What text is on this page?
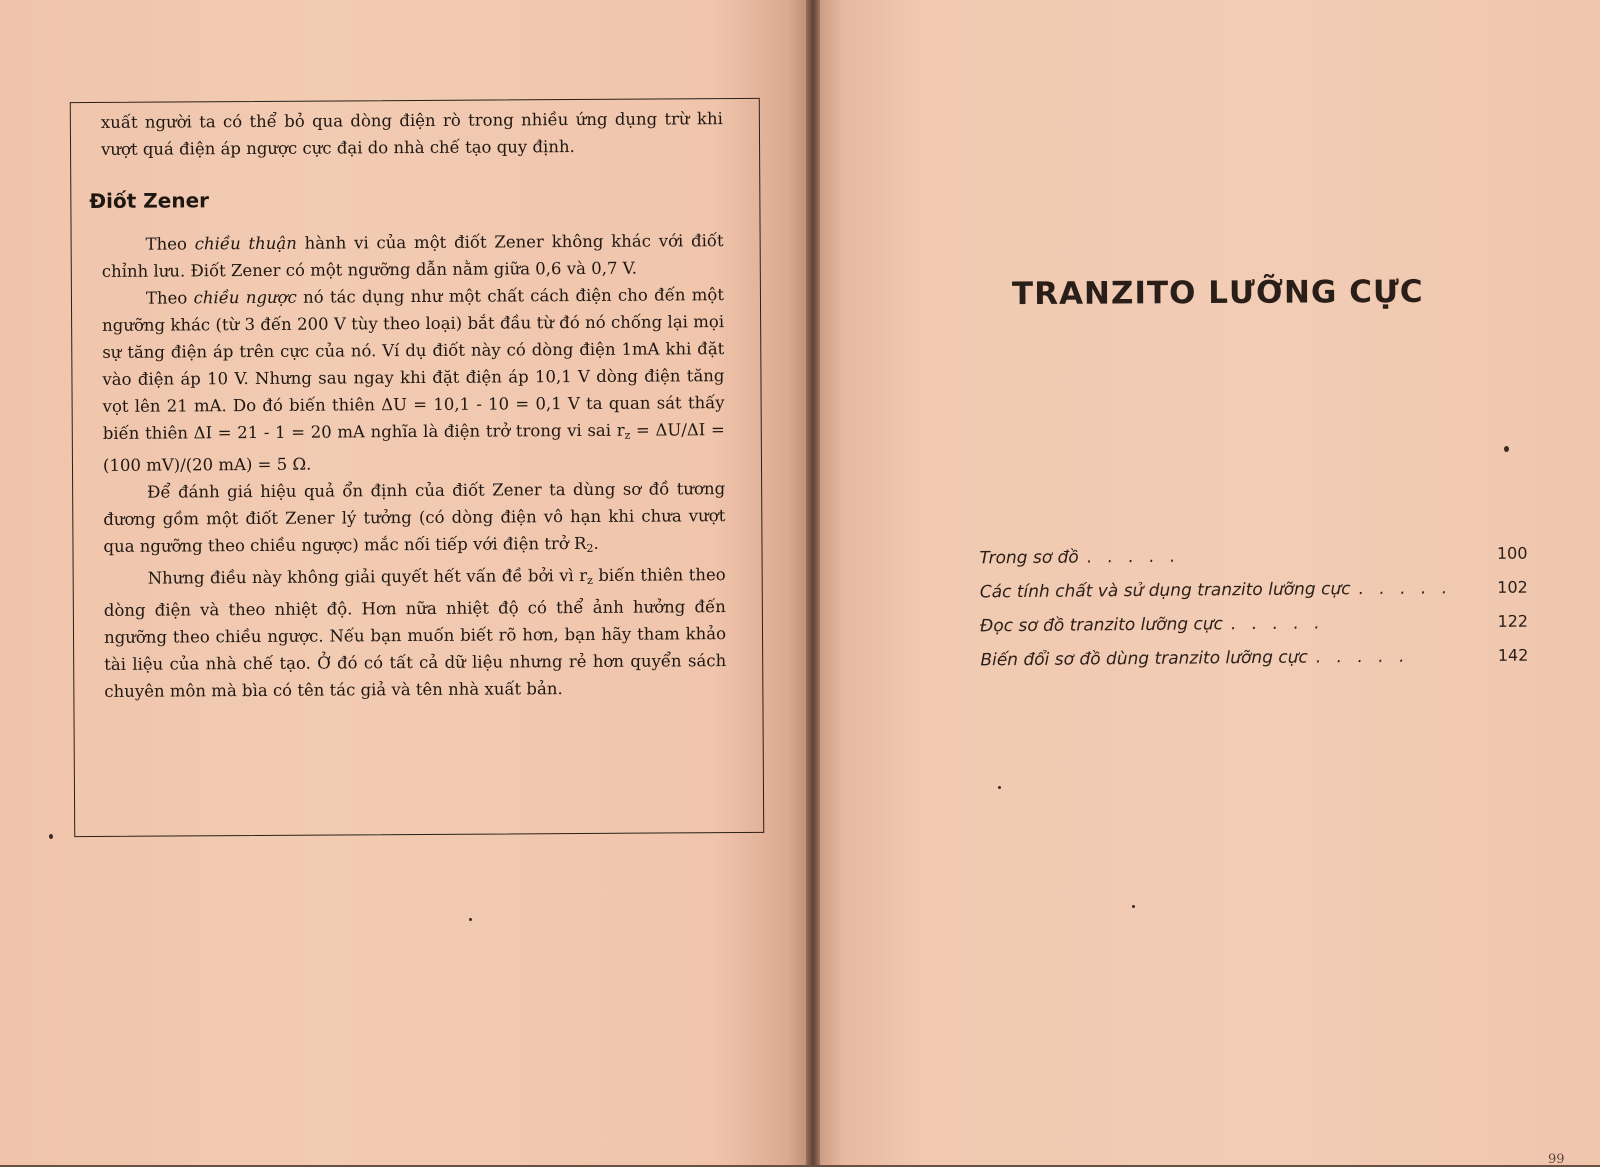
xuất người ta có thể bỏ qua dòng điện rò trong nhiều ứng dụng trừ khi vượt quá điện áp ngược cực đại do nhà chế tạo quy định.

Điốt Zener

Theo chiều thuận hành vi của một điốt Zener không khác với điốt chỉnh lưu. Điốt Zener có một ngưỡng dẫn nằm giữa 0,6 và 0,7 V.

Theo chiều ngược nó tác dụng như một chất cách điện cho đến một ngưỡng khác (từ 3 đến 200 V tùy theo loại) bắt đầu từ đó nó chống lại mọi sự tăng điện áp trên cực của nó. Ví dụ điốt này có dòng điện 1mA khi đặt vào điện áp 10 V. Nhưng sau ngay khi đặt điện áp 10,1 V dòng điện tăng vọt lên 21 mA. Do đó biến thiên ΔU = 10,1 - 10 = 0,1 V ta quan sát thấy biến thiên ΔI = 21 - 1 = 20 mA nghĩa là điện trở trong vi sai $r_z = \Delta U/\Delta I = (100$ mV)/(20 mA) = 5 Ω.

Để đánh giá hiệu quả ổn định của điốt Zener ta dùng sơ đồ tương đương gồm một điốt Zener lý tưởng (có dòng điện vô hạn khi chưa vượt qua ngưỡng theo chiều ngược) mắc nối tiếp với điện trở $R_2$.

Nhưng điều này không giải quyết hết vấn đề bởi vì $r_z$ biến thiên theo dòng điện và theo nhiệt độ. Hơn nữa nhiệt độ có thể ảnh hưởng đến ngưỡng theo chiều ngược. Nếu bạn muốn biết rõ hơn, bạn hãy tham khảo tài liệu của nhà chế tạo. Ở đó có tất cả dữ liệu nhưng rẻ hơn quyển sách chuyên môn mà bìa có tên tác giả và tên nhà xuất bản.

TRANZITO LƯỠNG CỰC
Trong sơ đồ . . . . .	100
Các tính chất và sử dụng tranzito lưỡng cực . . . . .	102
Đọc sơ đồ tranzito lưỡng cực . . . . .	122
Biến đổi sơ đồ dùng tranzito lưỡng cực . . . . .	142
99
